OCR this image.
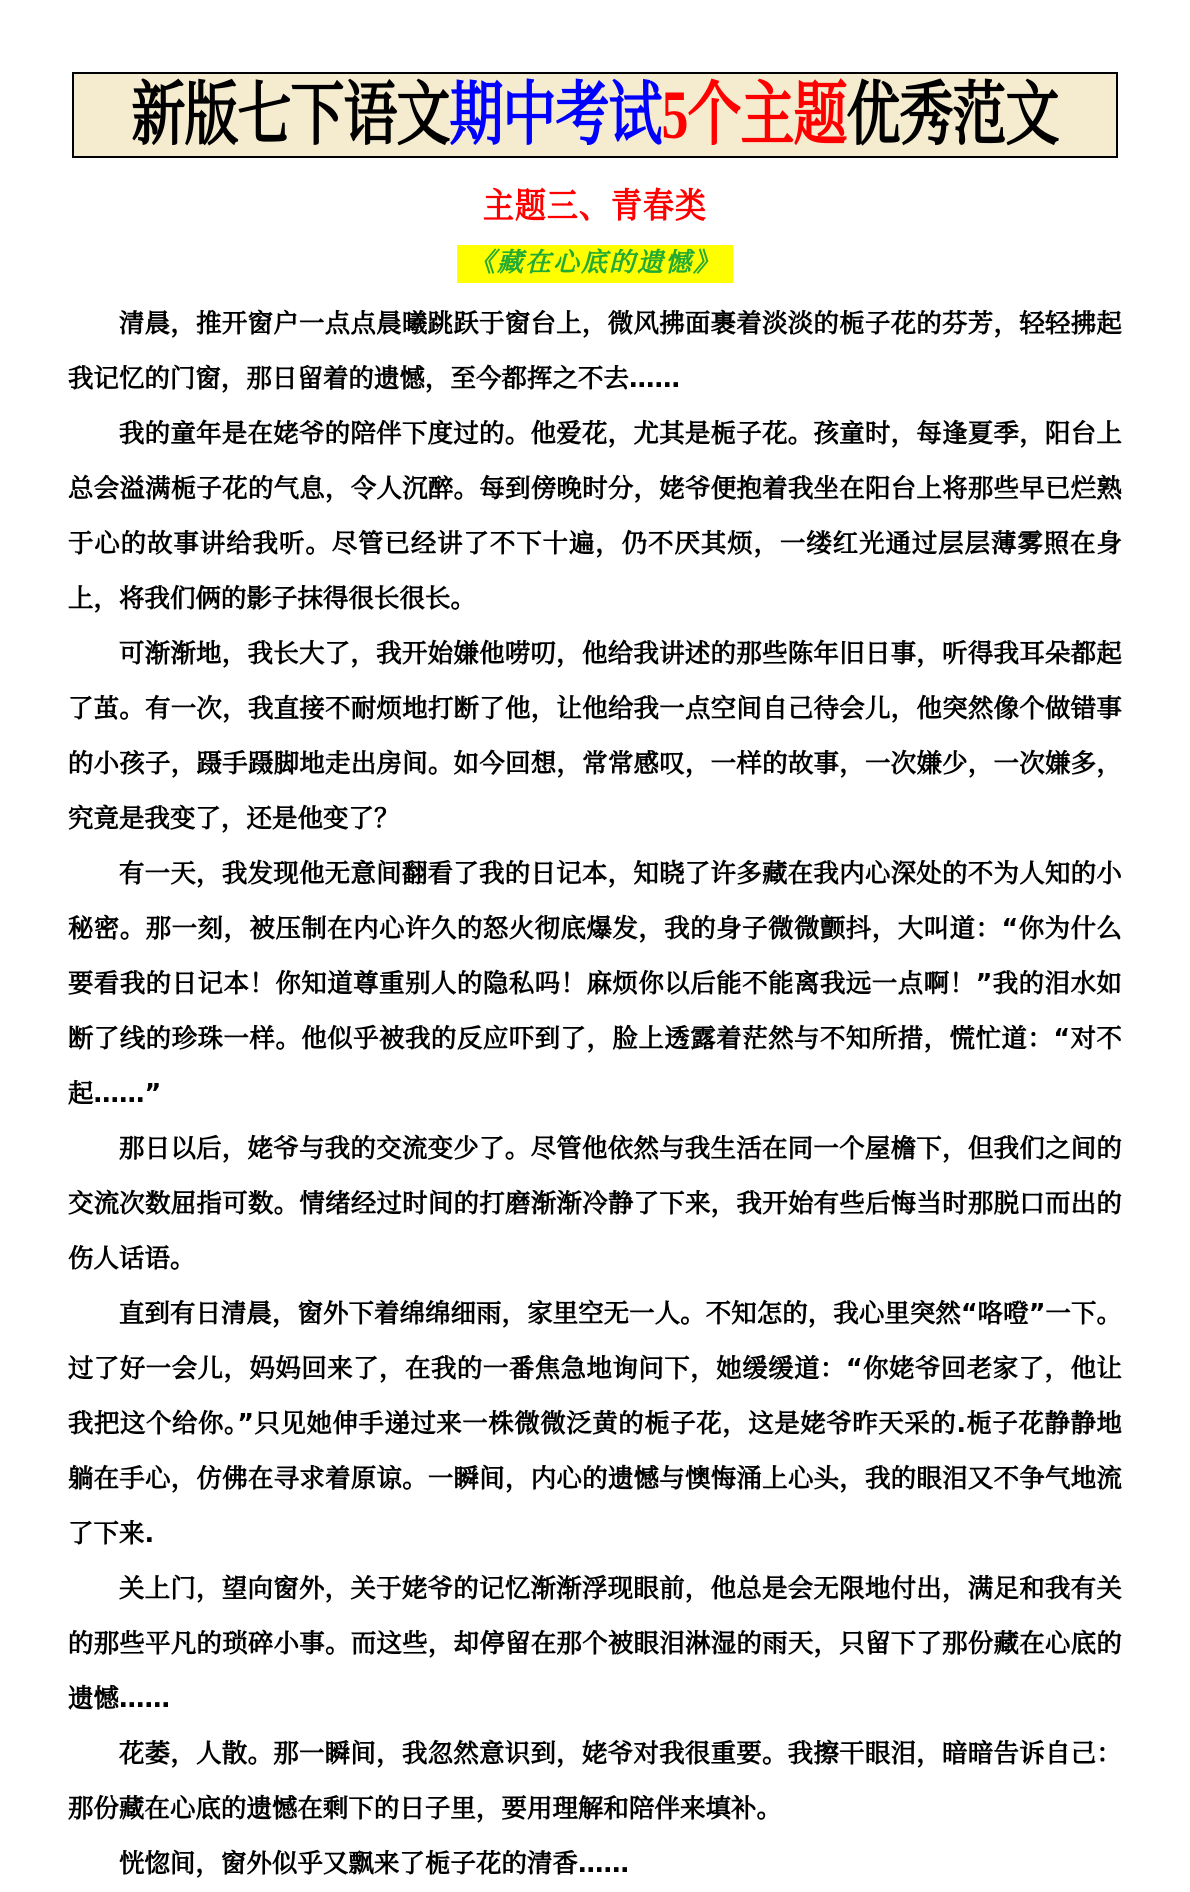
新版七下语文期中考试5个主题优秀范文
主题三、青春类
《藏在心底的遗憾》

清晨，推开窗户一点点晨曦跳跃于窗台上，微风拂面裹着淡淡的栀子花的芬芳，轻轻拂起我记忆的门窗，那日留着的遗憾，至今都挥之不去……

我的童年是在姥爷的陪伴下度过的。他爱花，尤其是栀子花。孩童时，每逢夏季，阳台上总会溢满栀子花的气息，令人沉醉。每到傍晚时分，姥爷便抱着我坐在阳台上将那些早已烂熟于心的故事讲给我听。尽管已经讲了不下十遍，仍不厌其烦，一缕红光通过层层薄雾照在身上，将我们俩的影子抹得很长很长。

可渐渐地，我长大了，我开始嫌他唠叨，他给我讲述的那些陈年旧日事，听得我耳朵都起了茧。有一次，我直接不耐烦地打断了他，让他给我一点空间自己待会儿，他突然像个做错事的小孩子，蹑手蹑脚地走出房间。如今回想，常常感叹，一样的故事，一次嫌少，一次嫌多，究竟是我变了，还是他变了？

有一天，我发现他无意间翻看了我的日记本，知晓了许多藏在我内心深处的不为人知的小秘密。那一刻，被压制在内心许久的怒火彻底爆发，我的身子微微颤抖，大叫道：“你为什么要看我的日记本！你知道尊重别人的隐私吗！麻烦你以后能不能离我远一点啊！”我的泪水如断了线的珍珠一样。他似乎被我的反应吓到了，脸上透露着茫然与不知所措，慌忙道：“对不起……”

那日以后，姥爷与我的交流变少了。尽管他依然与我生活在同一个屋檐下，但我们之间的交流次数屈指可数。情绪经过时间的打磨渐渐冷静了下来，我开始有些后悔当时那脱口而出的伤人话语。

直到有日清晨，窗外下着绵绵细雨，家里空无一人。不知怎的，我心里突然“咯噔”一下。过了好一会儿，妈妈回来了，在我的一番焦急地询问下，她缓缓道：“你姥爷回老家了，他让我把这个给你。”只见她伸手递过来一株微微泛黄的栀子花，这是姥爷昨天采的.栀子花静静地躺在手心，仿佛在寻求着原谅。一瞬间，内心的遗憾与懊悔涌上心头，我的眼泪又不争气地流了下来.

关上门，望向窗外，关于姥爷的记忆渐渐浮现眼前，他总是会无限地付出，满足和我有关的那些平凡的琐碎小事。而这些，却停留在那个被眼泪淋湿的雨天，只留下了那份藏在心底的遗憾……

花萎，人散。那一瞬间，我忽然意识到，姥爷对我很重要。我擦干眼泪，暗暗告诉自己：那份藏在心底的遗憾在剩下的日子里，要用理解和陪伴来填补。

恍惚间，窗外似乎又飘来了栀子花的清香……
